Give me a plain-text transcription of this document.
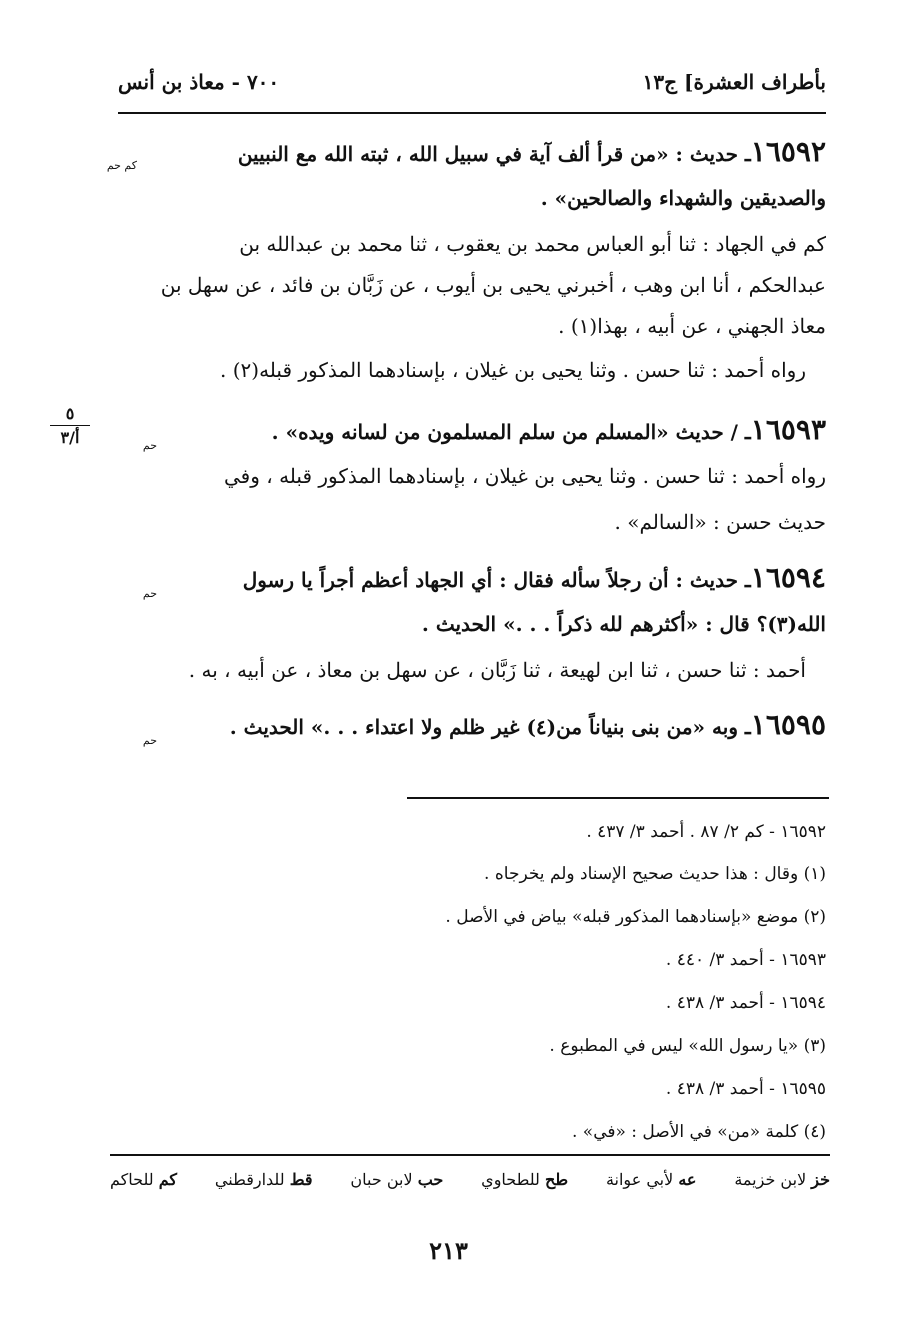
بأطراف العشرة] ج١٣
٧٠٠ - معاذ بن أنس
٥
أ/٣
١٦٥٩٢ـ حديث : «من قرأ ألف آية في سبيل الله ، ثبته الله مع النبيين
كم حم
والصديقين والشهداء والصالحين» .
كم في الجهاد : ثنا أبو العباس محمد بن يعقوب ، ثنا محمد بن عبدالله بن
عبدالحكم ، أنا ابن وهب ، أخبرني يحيى بن أيوب ، عن زَبَّان بن فائد ، عن سهل بن
معاذ الجهني ، عن أبيه ، بهذا(١) .
رواه أحمد : ثنا حسن . وثنا يحيى بن غيلان ، بإسنادهما المذكور قبله(٢) .
١٦٥٩٣ـ / حديث «المسلم من سلم المسلمون من لسانه ويده» .
حم
رواه أحمد : ثنا حسن . وثنا يحيى بن غيلان ، بإسناده‍ما المذكور قبله ، وفي
حديث حسن : «السالم» .
١٦٥٩٤ـ حديث : أن رجلاً سأله فقال : أي الجهاد أعظم أجراً يا رسول
حم
الله(٣)؟ قال : «أكثرهم لله ذكراً . . .» الحديث .
أحمد : ثنا حسن ، ثنا ابن لهيعة ، ثنا زَبَّان ، عن سهل بن معاذ ، عن أبيه ، به .
١٦٥٩٥ـ وبه «من بنى بنياناً من(٤) غير ظلم ولا اعتداء . . .» الحديث .
حم
١٦٥٩٢ - كم ٢/ ٨٧ . أحمد ٣/ ٤٣٧ .
(١) وقال : هذا حديث صحيح الإسناد ولم يخرجاه .
(٢) موضع «بإسنادهما المذكور قبله» بياض في الأصل .
١٦٥٩٣ - أحمد ٣/ ٤٤٠ .
١٦٥٩٤ - أحمد ٣/ ٤٣٨ .
(٣) «يا رسول الله» ليس في المطبوع .
١٦٥٩٥ - أحمد ٣/ ٤٣٨ .
(٤) كلمة «من» في الأصل : «في» .
خز لابن خزيمة
عه لأبي عوانة
طح للطحاوي
حب لابن حبان
قط للدارقطني
كم للحاكم
٢١٣
